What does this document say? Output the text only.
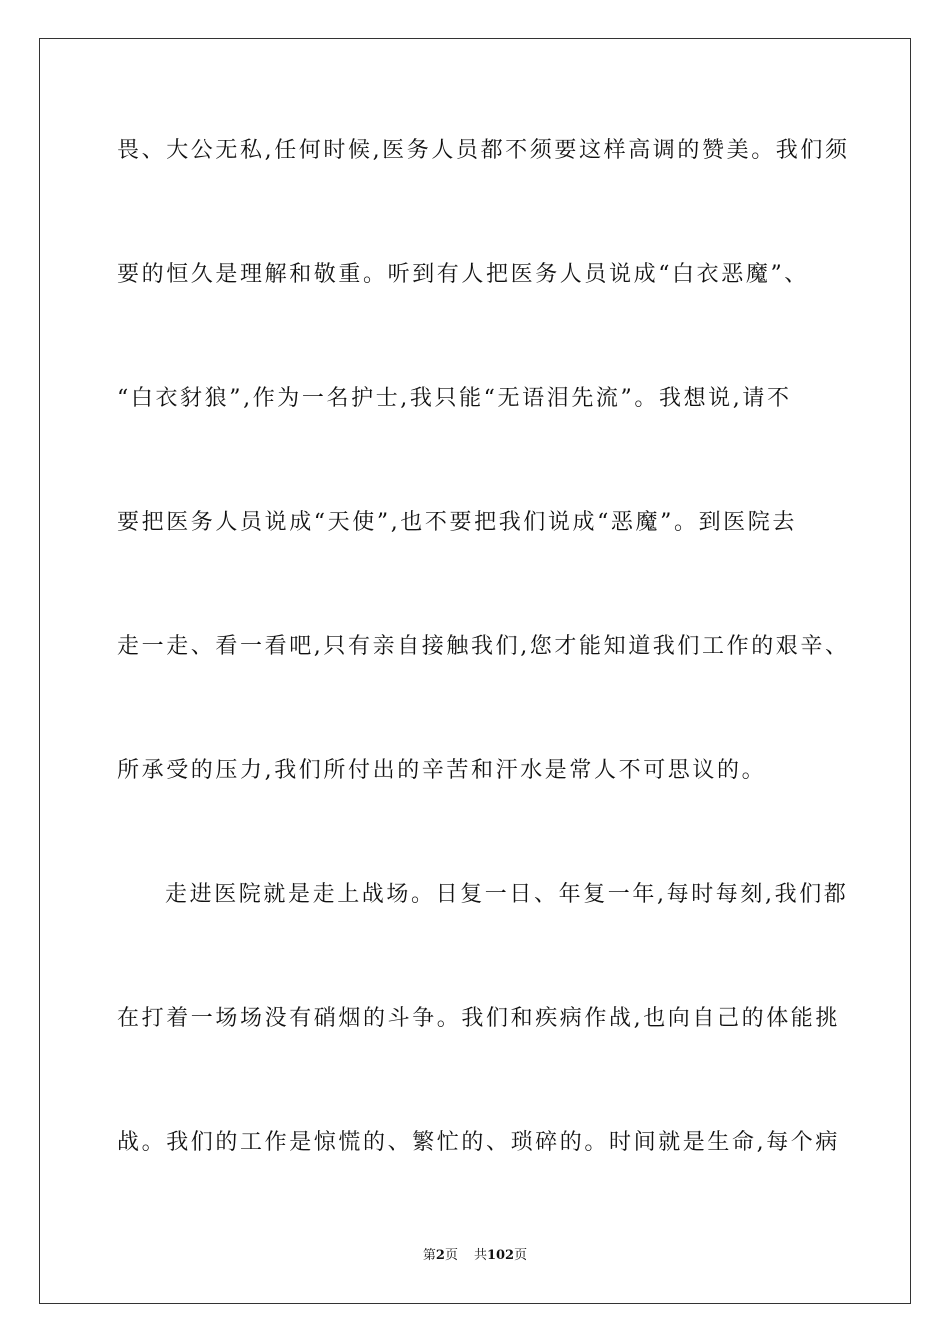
畏、大公无私,任何时候,医务人员都不须要这样高调的赞美。我们须
要的恒久是理解和敬重。听到有人把医务人员说成“白衣恶魔”、
“白衣豺狼”,作为一名护士,我只能“无语泪先流”。我想说,请不
要把医务人员说成“天使”,也不要把我们说成“恶魔”。到医院去
走一走、看一看吧,只有亲自接触我们,您才能知道我们工作的艰辛、
所承受的压力,我们所付出的辛苦和汗水是常人不可思议的。
走进医院就是走上战场。日复一日、年复一年,每时每刻,我们都
在打着一场场没有硝烟的斗争。我们和疾病作战,也向自己的体能挑
战。我们的工作是惊慌的、繁忙的、琐碎的。时间就是生命,每个病
第2页 共102页
